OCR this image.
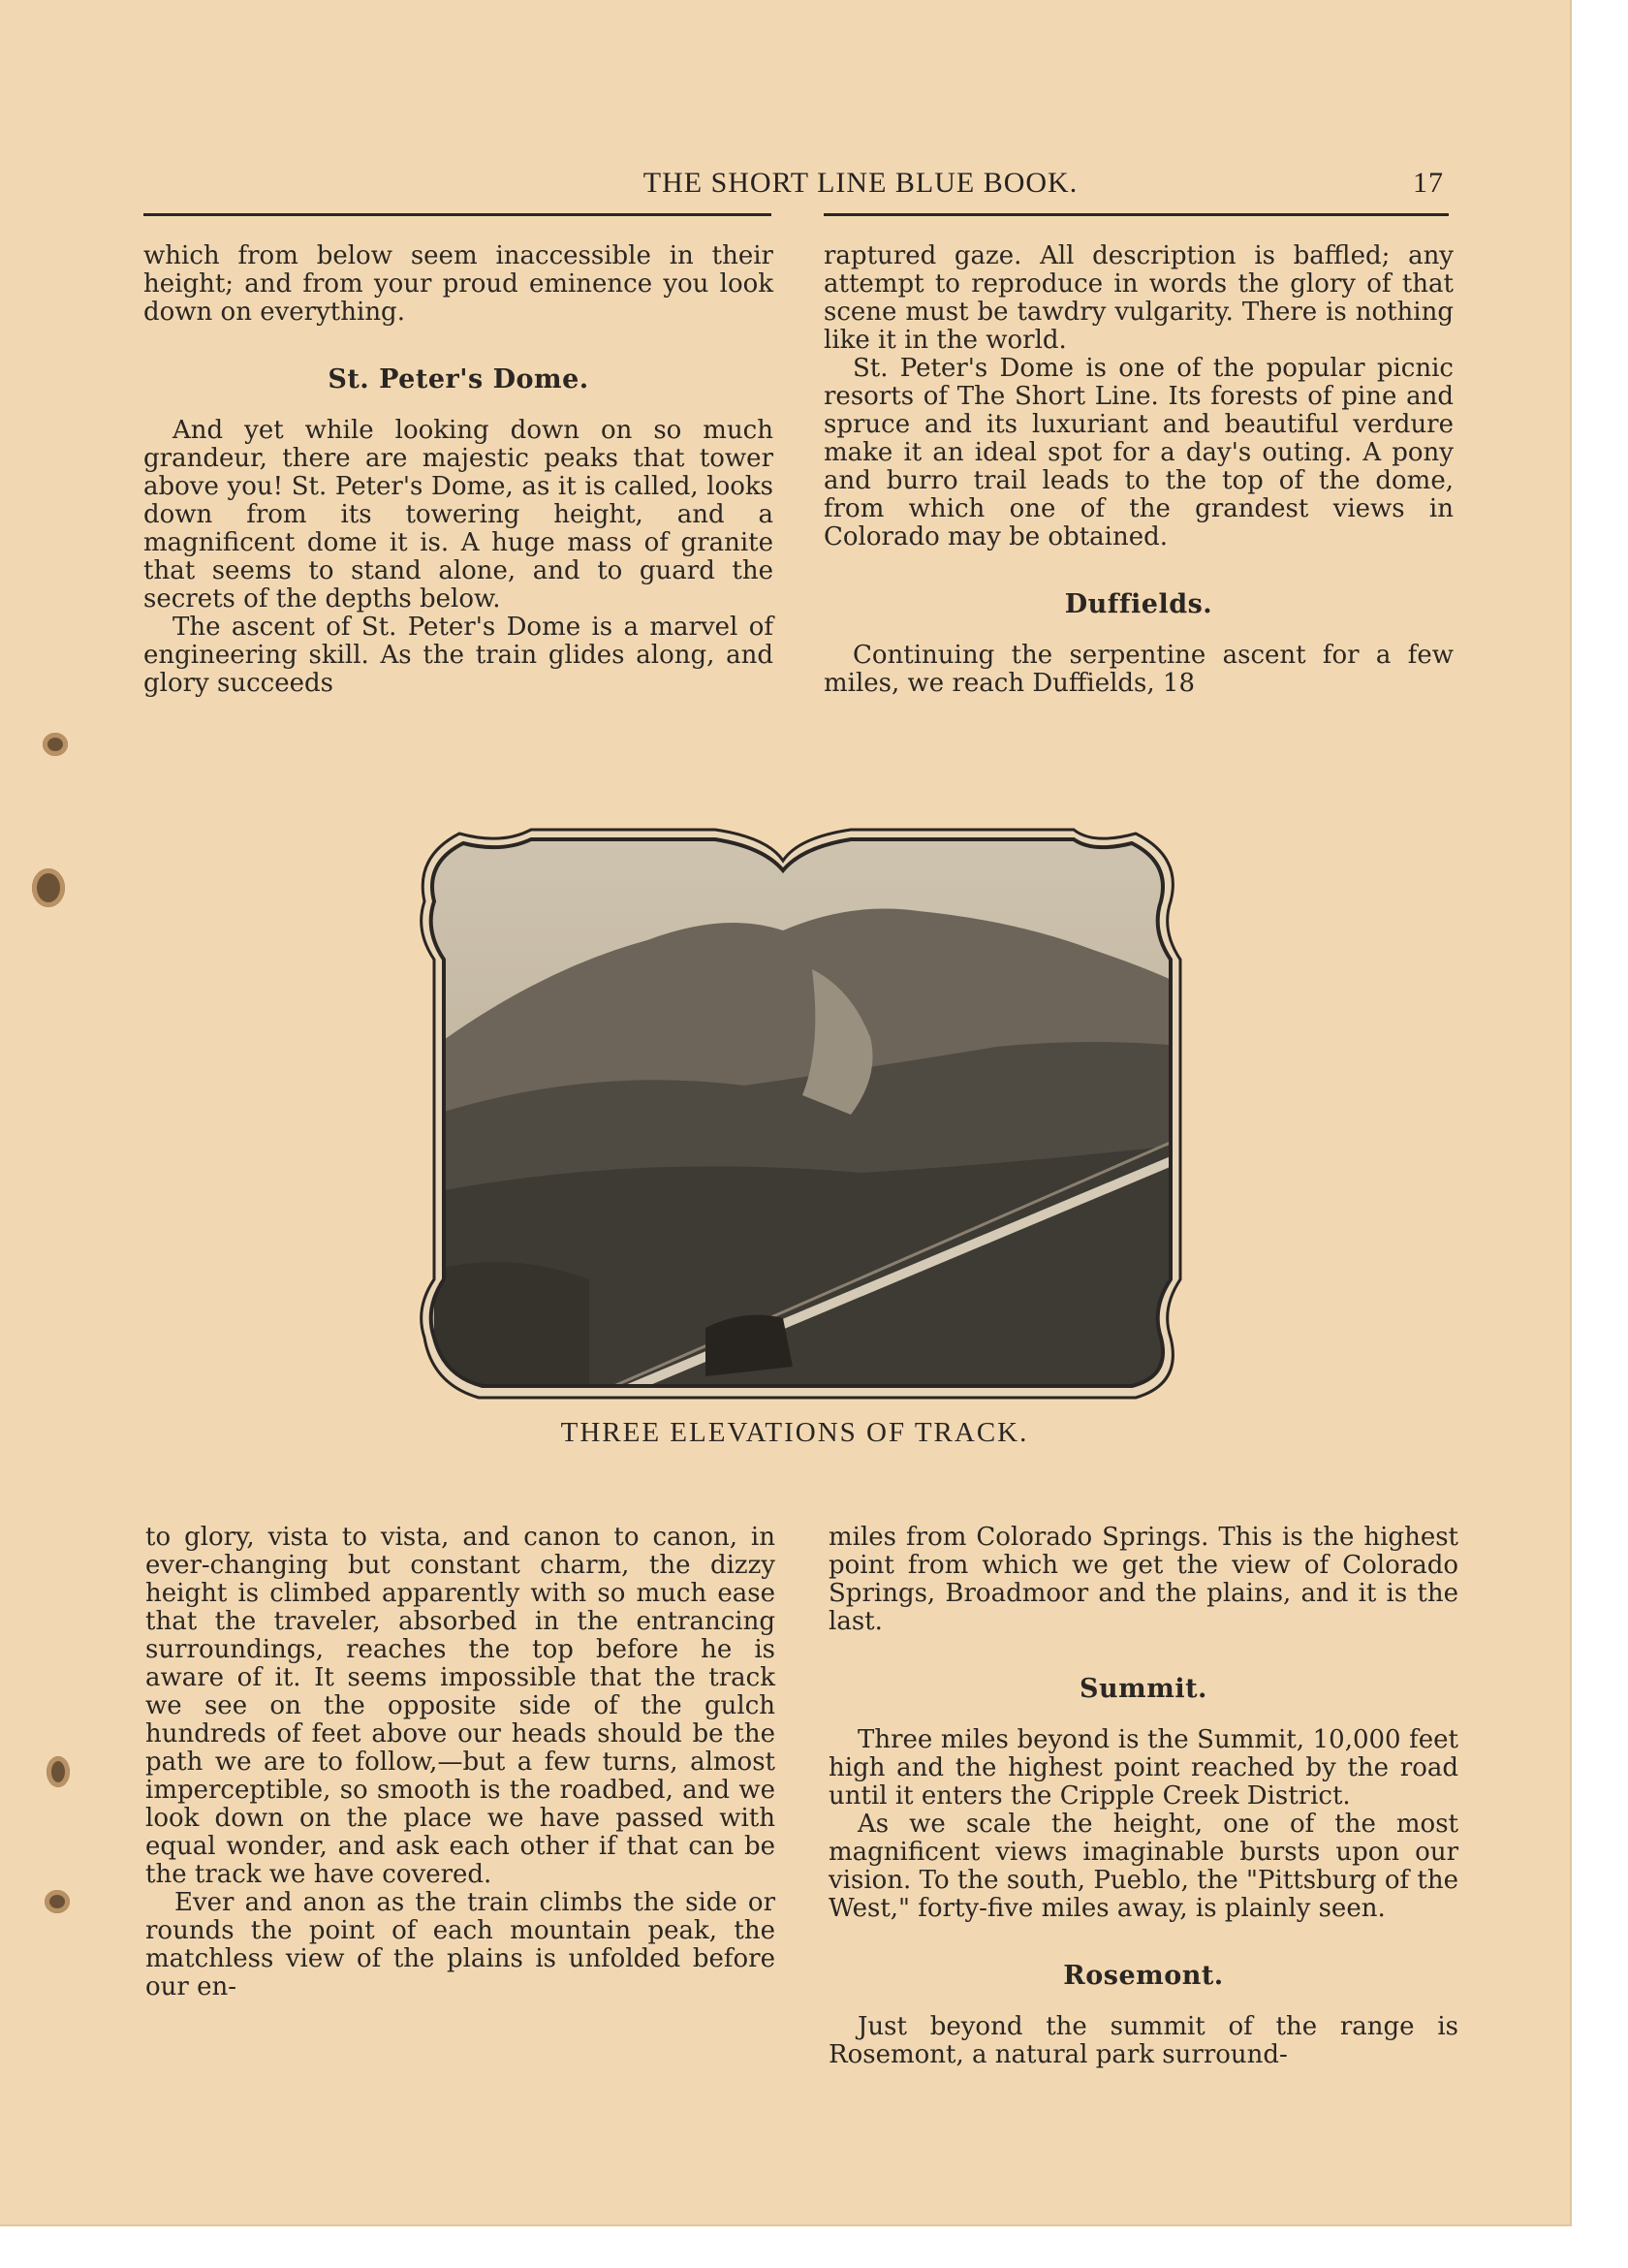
THE SHORT LINE BLUE BOOK.	17

which from below seem inaccessible in their height; and from your proud eminence you look down on everything.

St. Peter's Dome.

And yet while looking down on so much grandeur, there are majestic peaks that tower above you! St. Peter's Dome, as it is called, looks down from its towering height, and a magnificent dome it is. A huge mass of granite that seems to stand alone, and to guard the secrets of the depths below.

The ascent of St. Peter's Dome is a marvel of engineering skill. As the train glides along, and glory succeeds

raptured gaze. All description is baffled; any attempt to reproduce in words the glory of that scene must be tawdry vulgarity. There is nothing like it in the world.

St. Peter's Dome is one of the popular picnic resorts of The Short Line. Its forests of pine and spruce and its luxuriant and beautiful verdure make it an ideal spot for a day's outing. A pony and burro trail leads to the top of the dome, from which one of the grandest views in Colorado may be obtained.

Duffields.

Continuing the serpentine ascent for a few miles, we reach Duffields, 18

THREE ELEVATIONS OF TRACK.

to glory, vista to vista, and canon to canon, in ever-changing but constant charm, the dizzy height is climbed apparently with so much ease that the traveler, absorbed in the entrancing surroundings, reaches the top before he is aware of it. It seems impossible that the track we see on the opposite side of the gulch hundreds of feet above our heads should be the path we are to follow,—but a few turns, almost imperceptible, so smooth is the roadbed, and we look down on the place we have passed with equal wonder, and ask each other if that can be the track we have covered.

Ever and anon as the train climbs the side or rounds the point of each mountain peak, the matchless view of the plains is unfolded before our en-

miles from Colorado Springs. This is the highest point from which we get the view of Colorado Springs, Broadmoor and the plains, and it is the last.

Summit.

Three miles beyond is the Summit, 10,000 feet high and the highest point reached by the road until it enters the Cripple Creek District.

As we scale the height, one of the most magnificent views imaginable bursts upon our vision. To the south, Pueblo, the "Pittsburg of the West," forty-five miles away, is plainly seen.

Rosemont.

Just beyond the summit of the range is Rosemont, a natural park surround-
